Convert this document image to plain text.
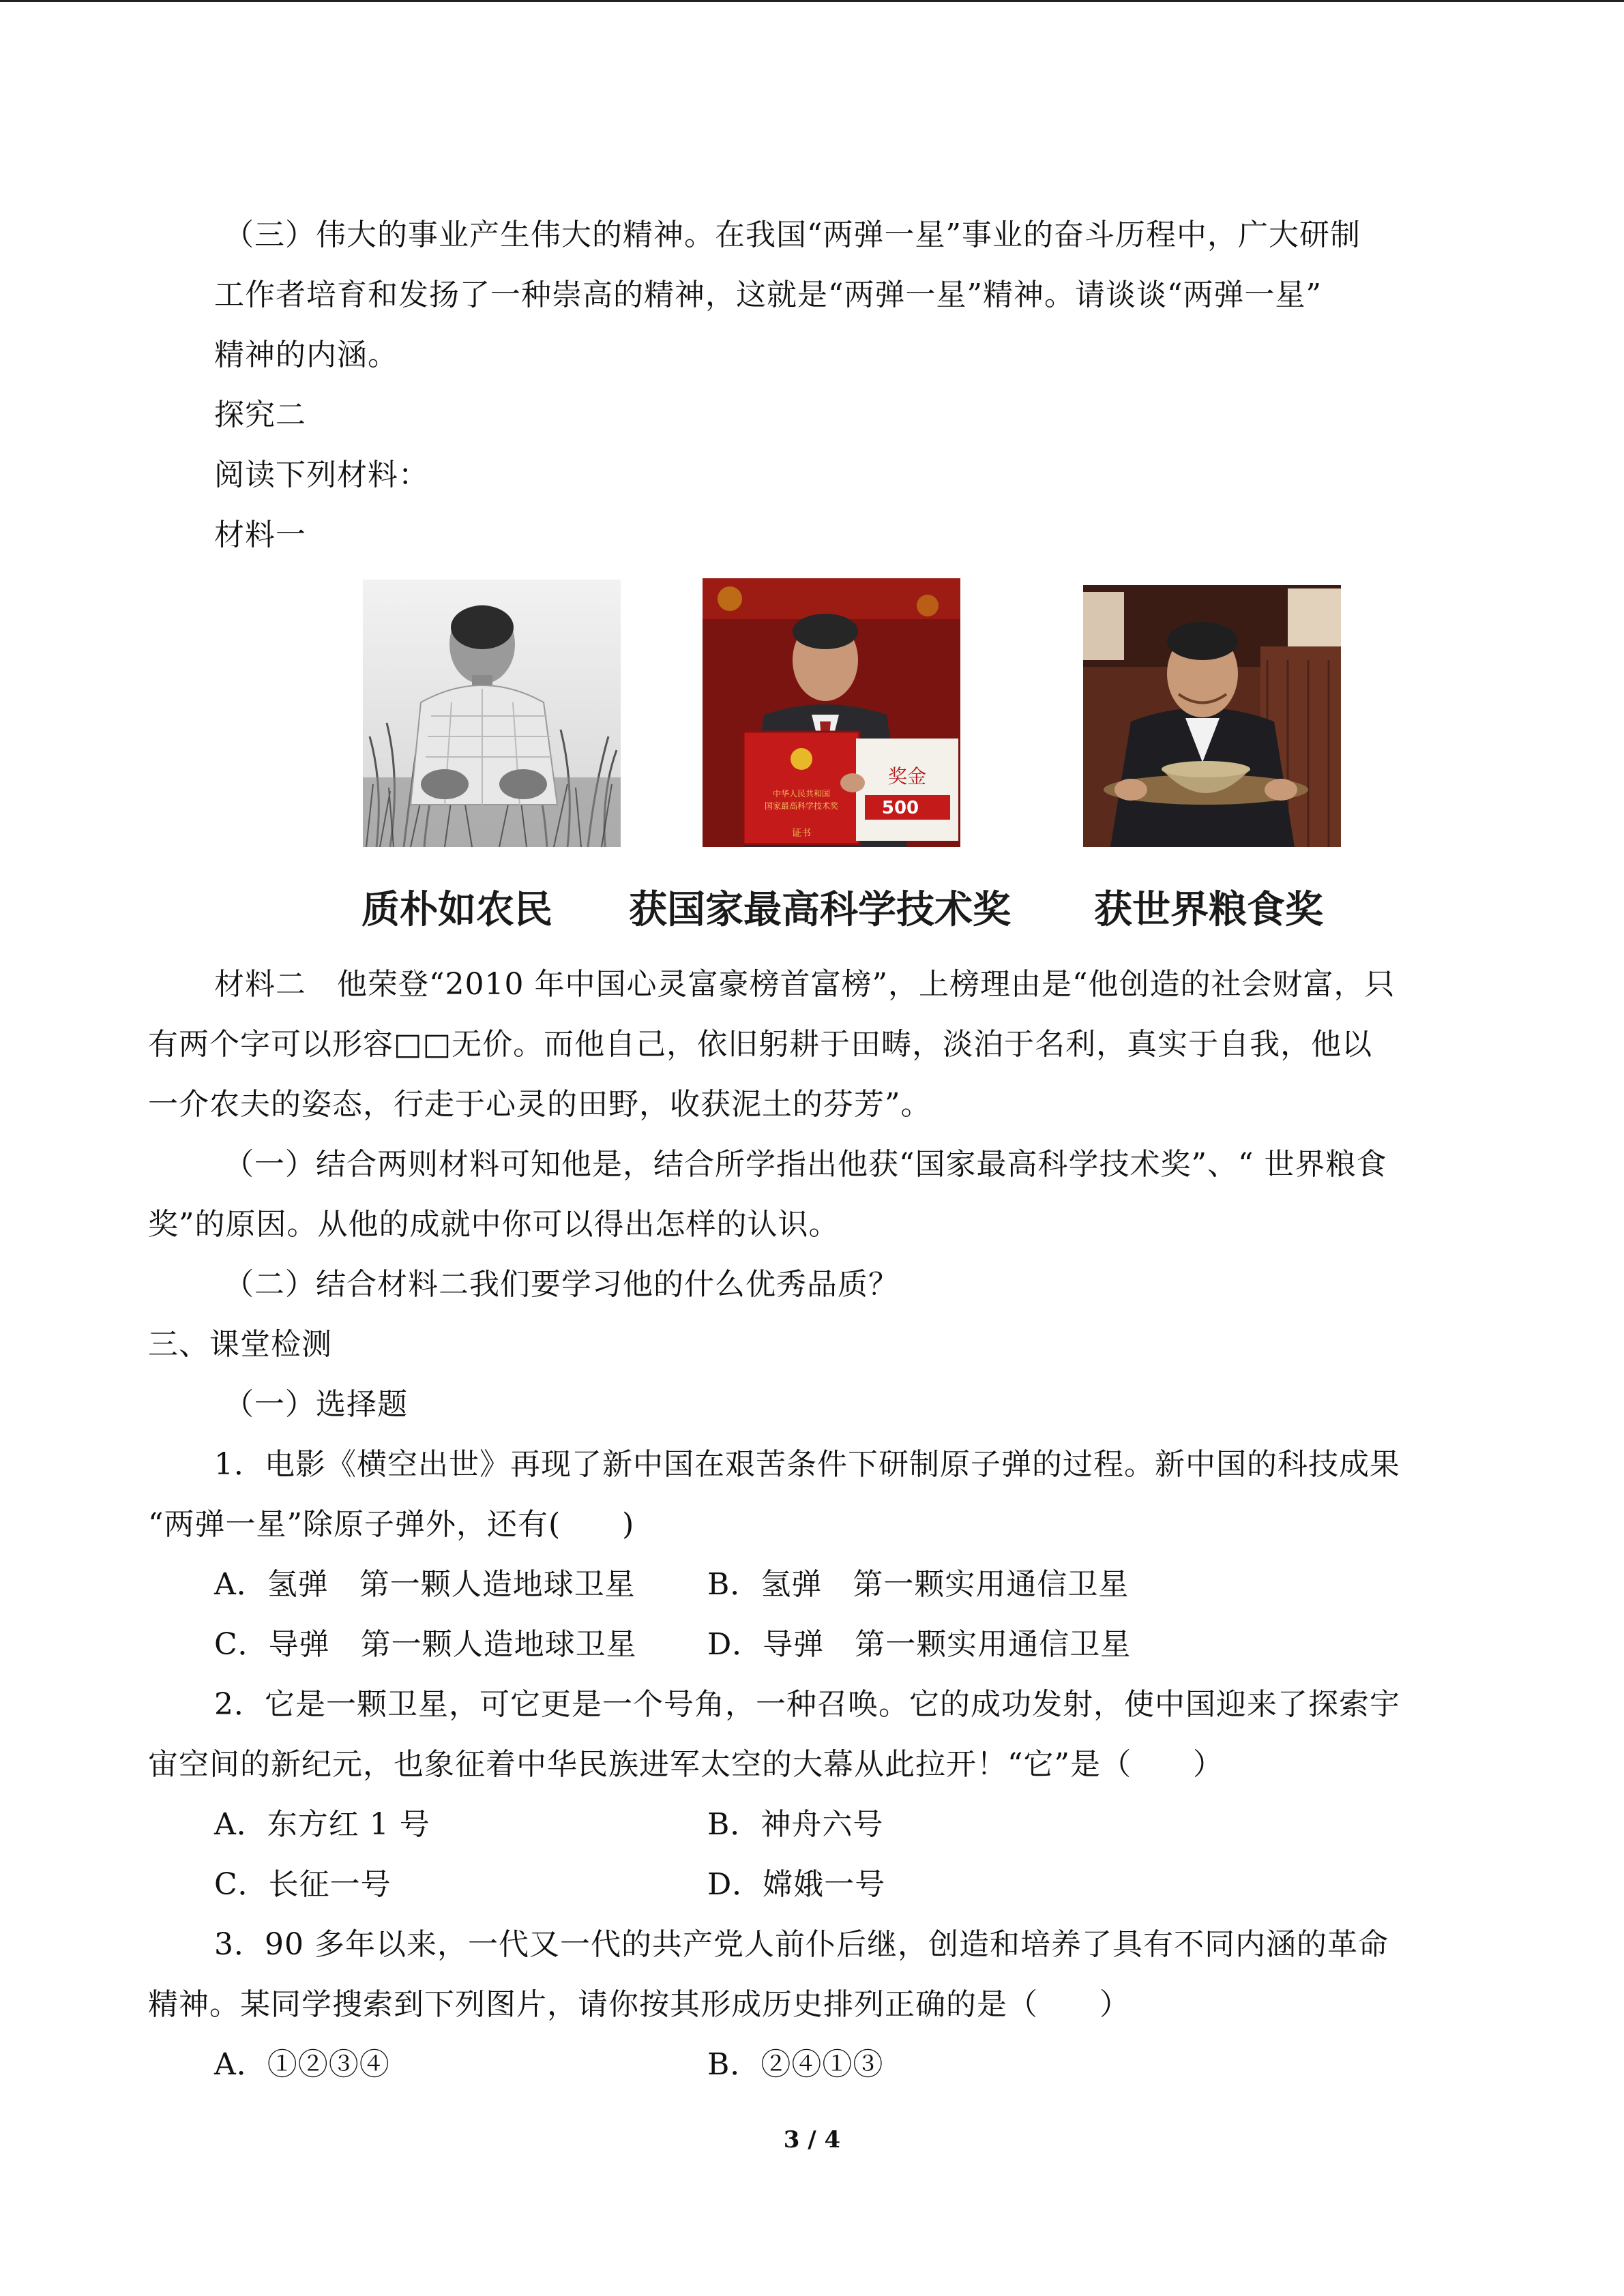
（三）伟大的事业产生伟大的精神。在我国“两弹一星”事业的奋斗历程中，广大研制
工作者培育和发扬了一种崇高的精神，这就是“两弹一星”精神。请谈谈“两弹一星”
精神的内涵。
探究二
阅读下列材料：
材料一
中华人民共和国
国家最高科学技术奖
证书
奖金
500
质朴如农民 获国家最高科学技术奖 获世界粮食奖
材料二　他荣登“2010 年中国心灵富豪榜首富榜”，上榜理由是“他创造的社会财富，只
有两个字可以形容□□无价。而他自己，依旧躬耕于田畴，淡泊于名利，真实于自我，他以
一介农夫的姿态，行走于心灵的田野，收获泥土的芬芳”。
（一）结合两则材料可知他是，结合所学指出他获“国家最高科学技术奖”、“ 世界粮食
奖”的原因。从他的成就中你可以得出怎样的认识。
（二）结合材料二我们要学习他的什么优秀品质？
三、课堂检测
（一）选择题
1．电影《横空出世》再现了新中国在艰苦条件下研制原子弹的过程。新中国的科技成果
“两弹一星”除原子弹外，还有(　　)
A．氢弹　第一颗人造地球卫星 B．氢弹　第一颗实用通信卫星
C．导弹　第一颗人造地球卫星 D．导弹　第一颗实用通信卫星
2．它是一颗卫星，可它更是一个号角，一种召唤。它的成功发射，使中国迎来了探索宇
宙空间的新纪元，也象征着中华民族进军太空的大幕从此拉开！“它”是（　　）
A．东方红 1 号	B．神舟六号
C．长征一号	D．嫦娥一号
3．90 多年以来，一代又一代的共产党人前仆后继，创造和培养了具有不同内涵的革命
精神。某同学搜索到下列图片，请你按其形成历史排列正确的是（　　）
A．①②③④	B．②④①③
3 / 4
